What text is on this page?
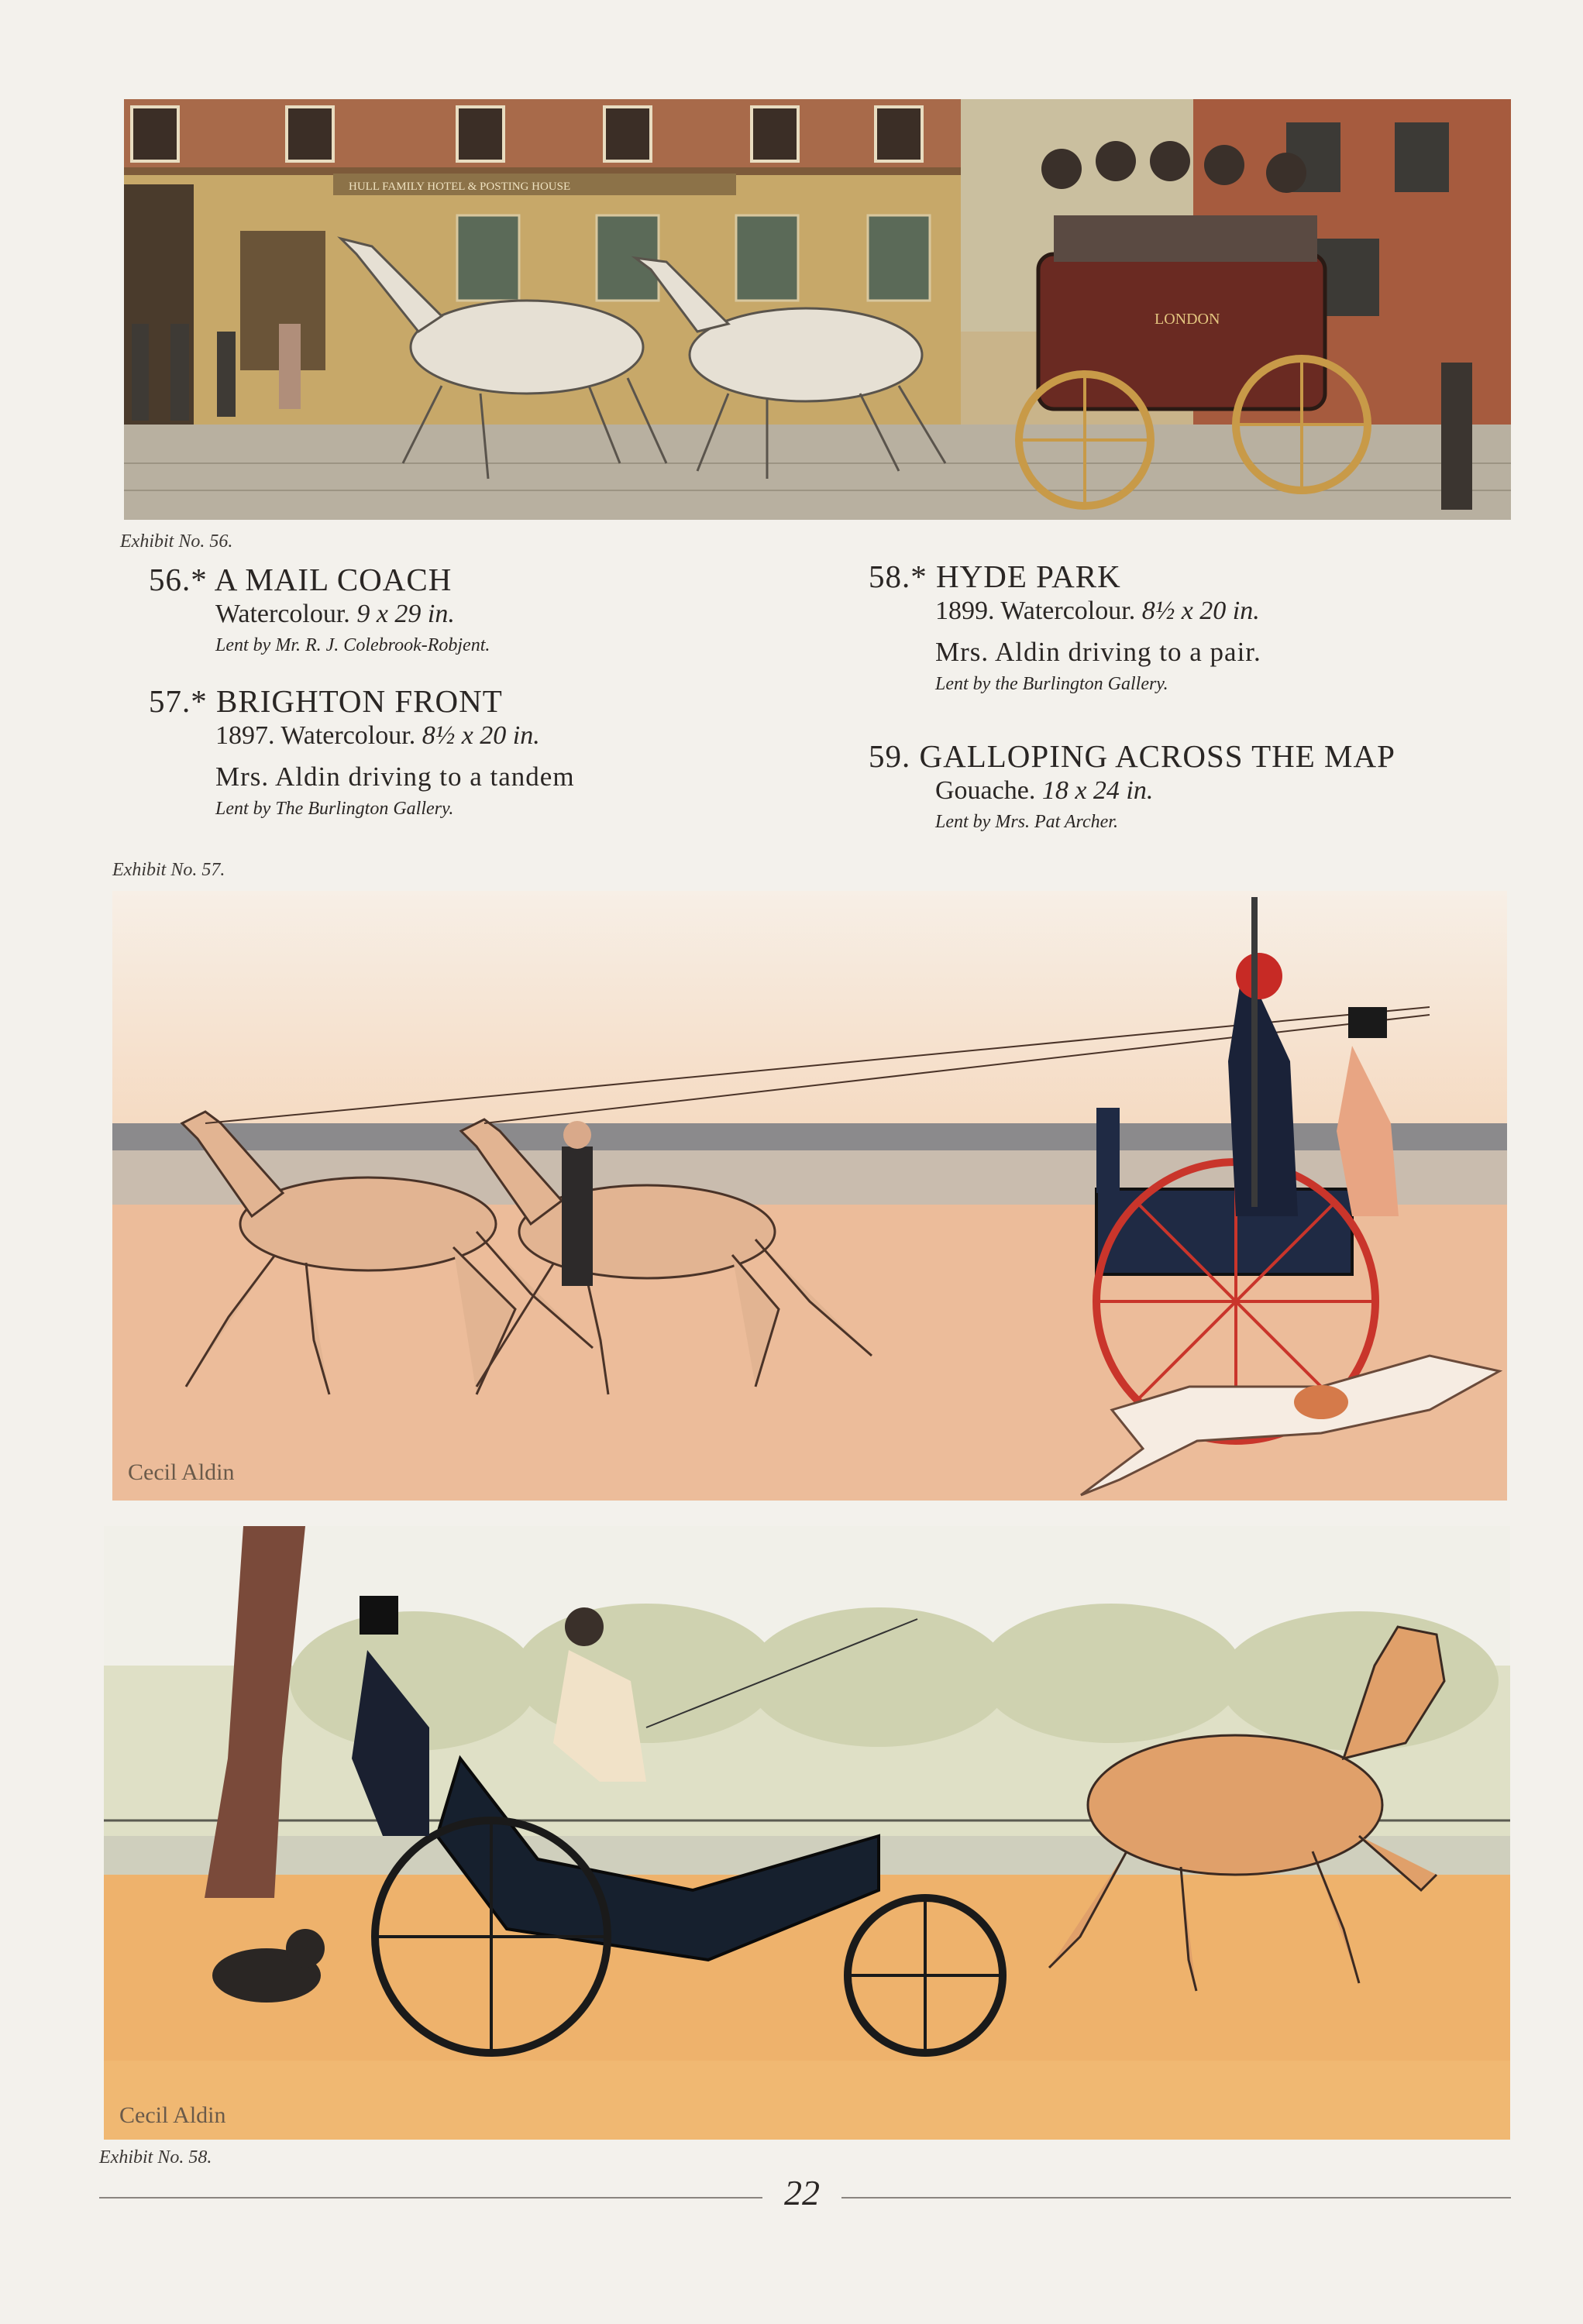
HULL FAMILY HOTEL & POSTING HOUSE
LONDON
Exhibit No. 56.
56.* A MAIL COACH
Watercolour. 9 x 29 in.
Lent by Mr. R. J. Colebrook-Robjent.
57.* BRIGHTON FRONT
1897. Watercolour. 8½ x 20 in.
Mrs. Aldin driving to a tandem
Lent by The Burlington Gallery.
58.* HYDE PARK
1899. Watercolour. 8½ x 20 in.
Mrs. Aldin driving to a pair.
Lent by the Burlington Gallery.
59. GALLOPING ACROSS THE MAP
Gouache. 18 x 24 in.
Lent by Mrs. Pat Archer.
Exhibit No. 57.
Cecil Aldin
Cecil Aldin
Exhibit No. 58.
22
